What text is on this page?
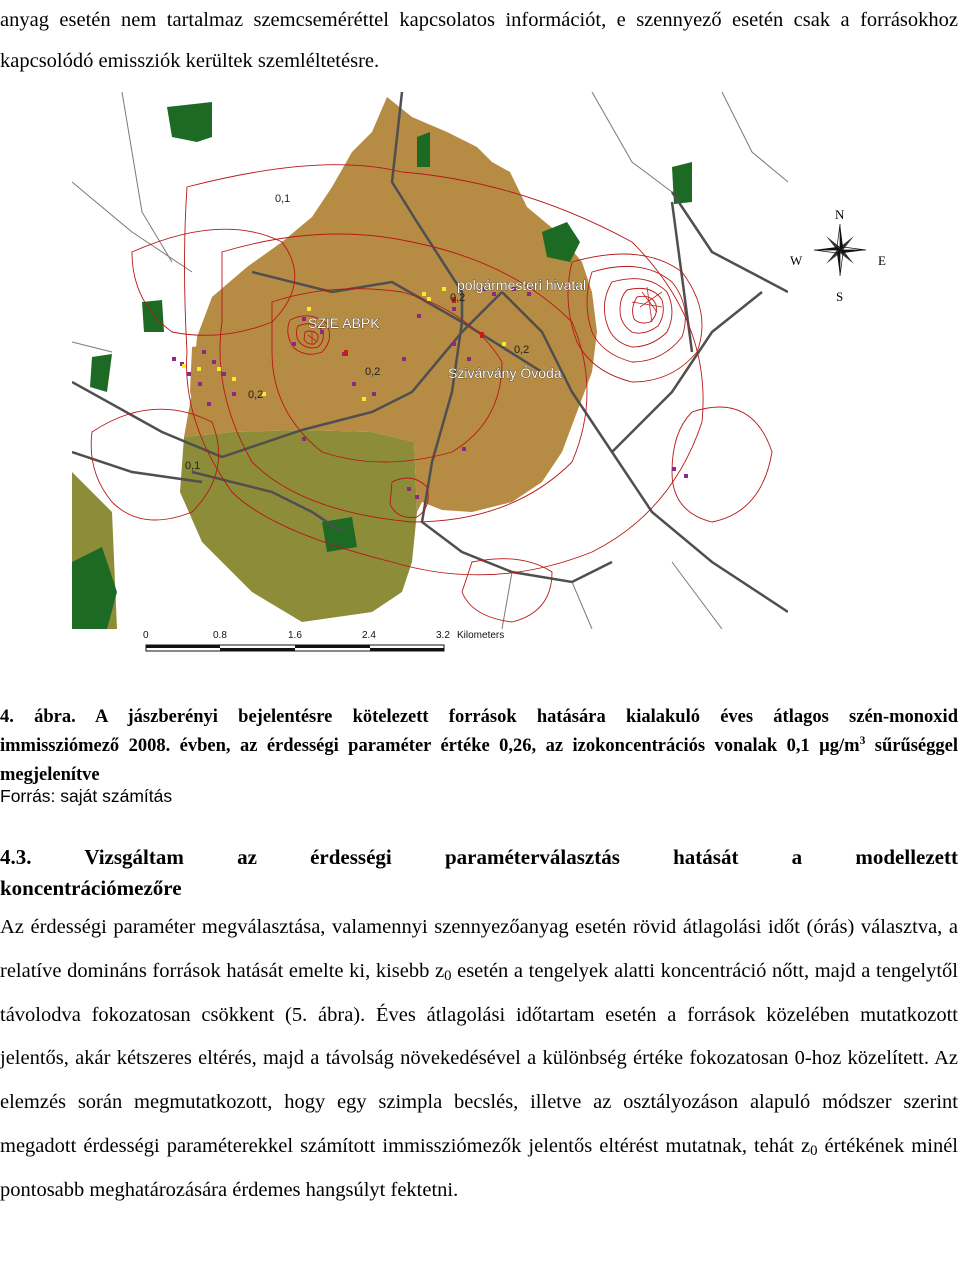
anyag esetén nem tartalmaz szemcseméréttel kapcsolatos információt, e szennyező esetén csak a forrásokhoz kapcsolódó emissziók kerültek szemléltetésre.
0,1
0,2
0,2
0,2
0,2
0,1
polgármesteri hivatal
SZIE ABPK
Szivárvány Óvoda
N
W	E
S
0	0.8	1.6	2.4	3.2 Kilometers
4. ábra. A jászberényi bejelentésre kötelezett források hatására kialakuló éves átlagos szén-monoxid
immissziómező 2008. évben, az érdességi paraméter értéke 0,26, az izokoncentrációs vonalak 0,1 $\mu g/m^3$ sűrűséggel megjelenítve
Forrás: saját számítás
4.3. Vizsgáltam az érdességi paraméterválasztás hatását a modellezett
koncentrációmezőre
Az érdességi paraméter megválasztása, valamennyi szennyezőanyag esetén rövid átlagolási időt (órás) választva, a relatíve domináns források hatását emelte ki, kisebb $z_0$ esetén a tengelyek alatti koncentráció nőtt, majd a tengelytől távolodva fokozatosan csökkent (5. ábra). Éves átlagolási időtartam esetén a források közelében mutatkozott jelentős, akár kétszeres eltérés, majd a távolság növekedésével a különbség értéke fokozatosan 0-hoz közelített. Az elemzés során megmutatkozott, hogy egy szimpla becslés, illetve az osztályozáson alapuló módszer szerint megadott érdességi paraméterekkel számított immissziómezők jelentős eltérést mutatnak, tehát $z_0$ értékének minél pontosabb meghatározására érdemes hangsúlyt fektetni.
